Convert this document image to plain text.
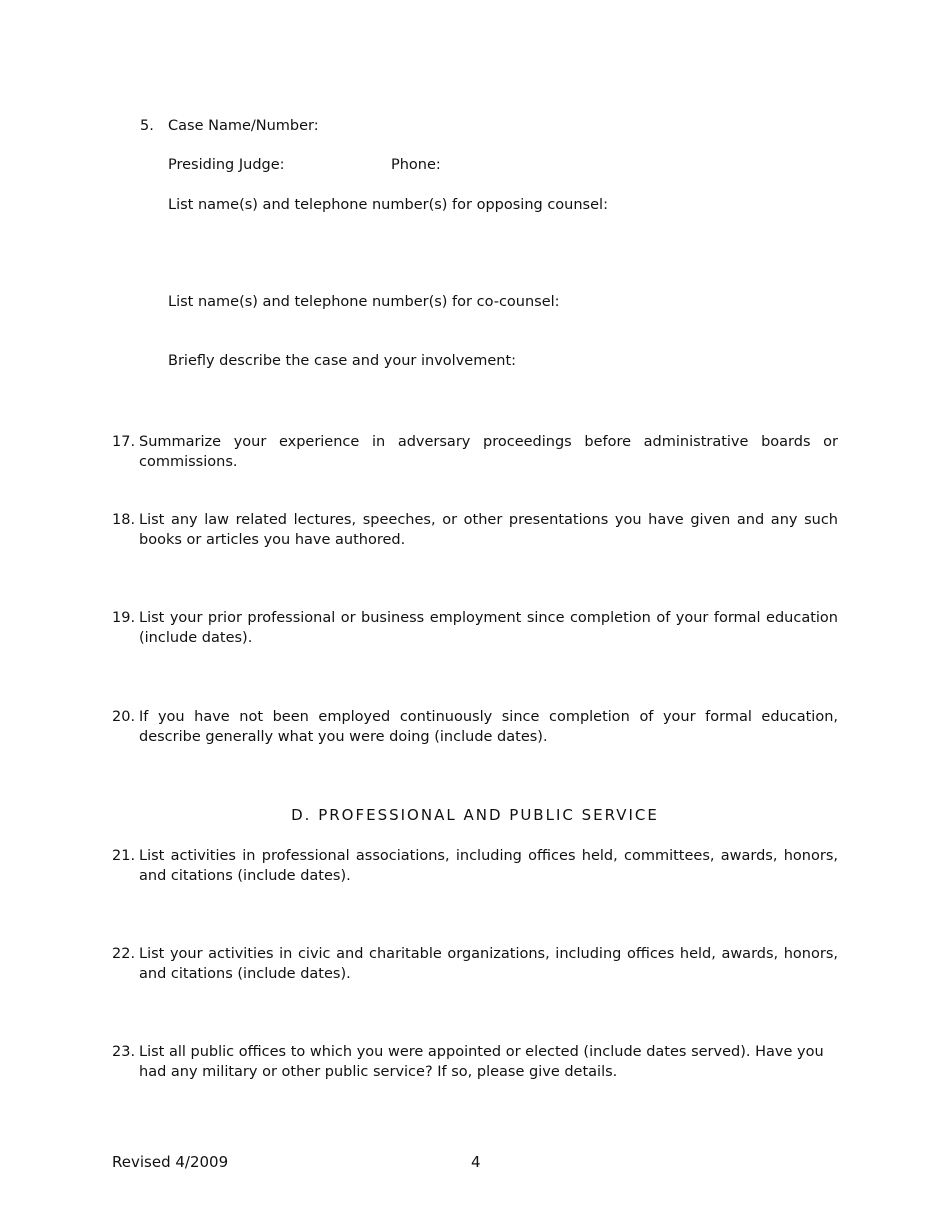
5. Case Name/Number:
Presiding Judge:	Phone:
List name(s) and telephone number(s) for opposing counsel:
List name(s) and telephone number(s) for co-counsel:
Briefly describe the case and your involvement:
17. Summarize your experience in adversary proceedings before administrative boards or commissions.
18. List any law related lectures, speeches, or other presentations you have given and any such books or articles you have authored.
19. List your prior professional or business employment since completion of your formal education (include dates).
20. If you have not been employed continuously since completion of your formal education, describe generally what you were doing (include dates).
D. PROFESSIONAL AND PUBLIC SERVICE
21. List activities in professional associations, including offices held, committees, awards, honors, and citations (include dates).
22. List your activities in civic and charitable organizations, including offices held, awards, honors, and citations (include dates).
23. List all public offices to which you were appointed or elected (include dates served). Have you had any military or other public service? If so, please give details.
Revised 4/2009	4
